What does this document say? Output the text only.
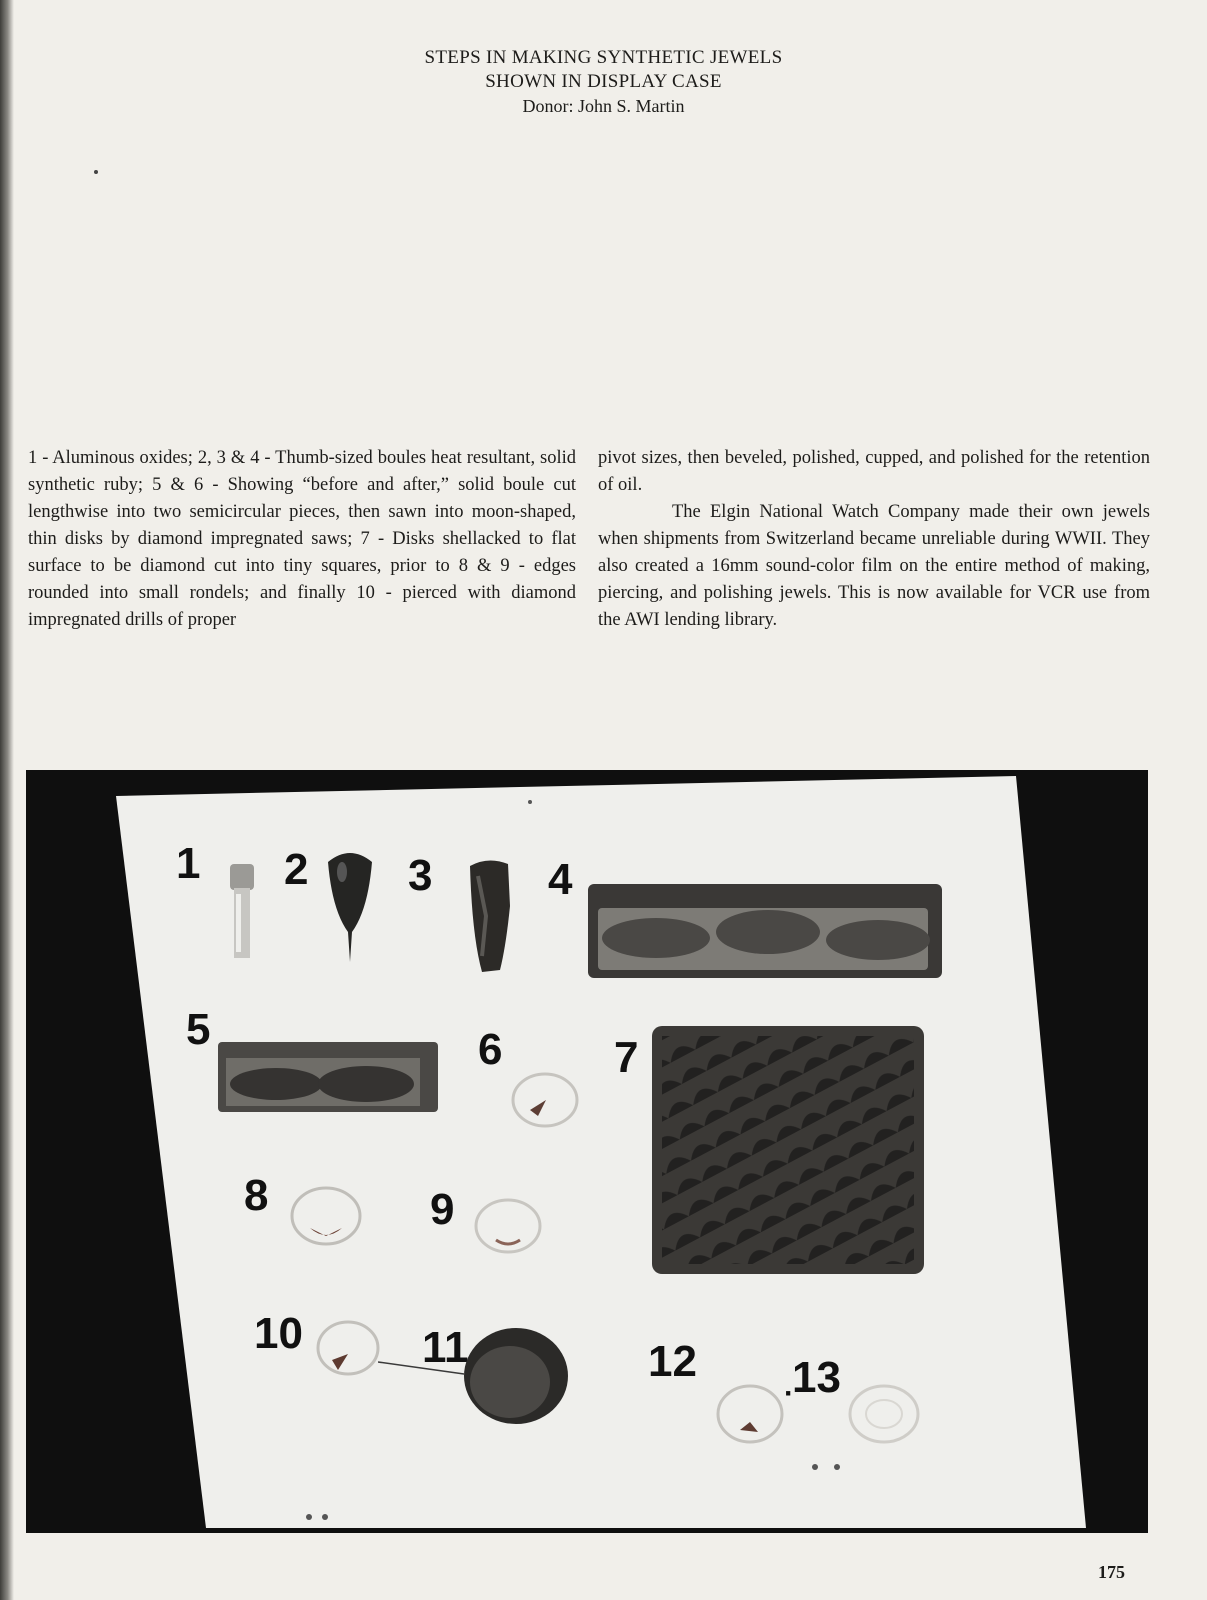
STEPS IN MAKING SYNTHETIC JEWELS
SHOWN IN DISPLAY CASE
Donor: John S. Martin

1 - Aluminous oxides; 2, 3 & 4 - Thumb-sized boules heat resultant, solid synthetic ruby; 5 & 6 - Showing “before and after,” solid boule cut lengthwise into two semicircular pieces, then sawn into moon-shaped, thin disks by diamond impregnated saws; 7 - Disks shellacked to flat surface to be diamond cut into tiny squares, prior to 8 & 9 - edges rounded into small rondels; and finally 10 - pierced with diamond impregnated drills of proper

pivot sizes, then beveled, polished, cupped, and polished for the retention of oil.

The Elgin National Watch Company made their own jewels when shipments from Switzerland became unreliable during WWII. They also created a 16mm sound-color film on the entire method of making, piercing, and polishing jewels. This is now available for VCR use from the AWI lending library.

1 2 3	4
5	6	7
8	9
10	11	12 13
·
175
